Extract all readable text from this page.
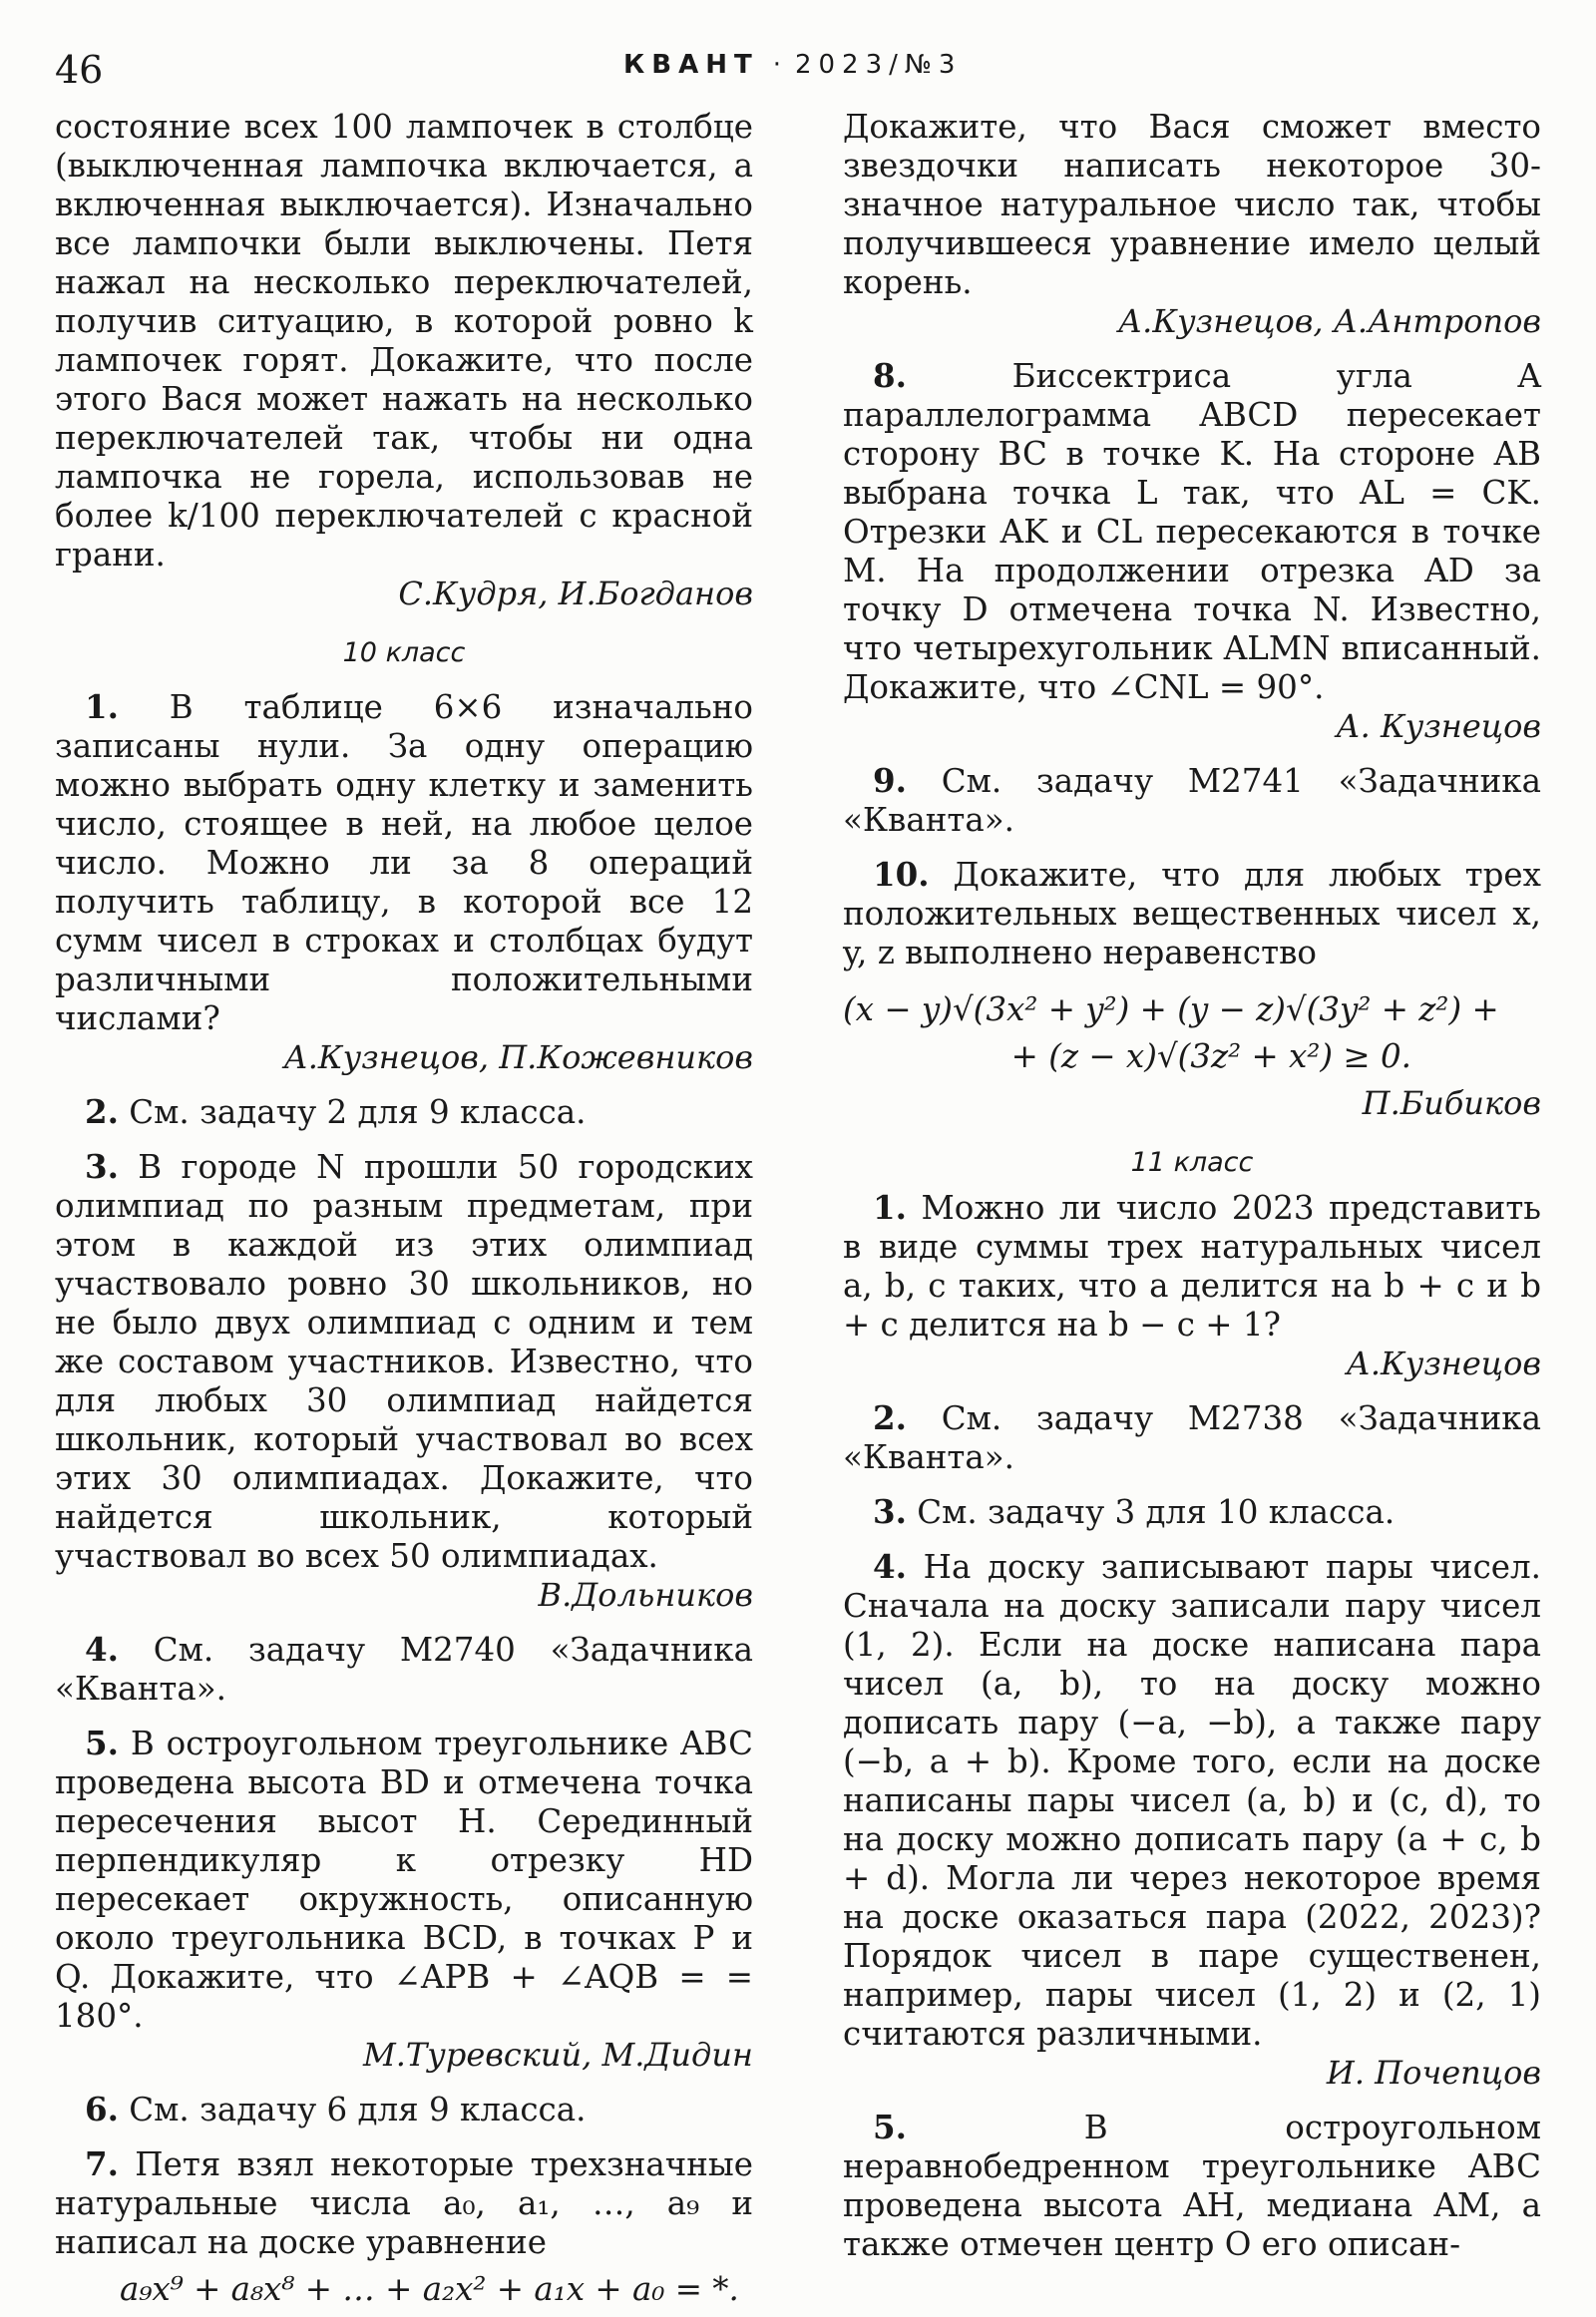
46	КВАНТ · 2023/№3

состояние всех 100 лампочек в столбце (выключенная лампочка включается, а включенная выключается). Изначально все лампочки были выключены. Петя нажал на несколько переключателей, получив ситуацию, в которой ровно k лампочек горят. Докажите, что после этого Вася может нажать на несколько переключателей так, чтобы ни одна лампочка не горела, использовав не более k/100 переключателей с красной грани.

С.Кудря, И.Богданов
10 класс

1. В таблице 6×6 изначально записаны нули. За одну операцию можно выбрать одну клетку и заменить число, стоящее в ней, на любое целое число. Можно ли за 8 операций получить таблицу, в которой все 12 сумм чисел в строках и столбцах будут различными положительными числами?

А.Кузнецов, П.Кожевников

2. См. задачу 2 для 9 класса.

3. В городе N прошли 50 городских олимпиад по разным предметам, при этом в каждой из этих олимпиад участвовало ровно 30 школьников, но не было двух олимпиад с одним и тем же составом участников. Известно, что для любых 30 олимпиад найдется школьник, который участвовал во всех этих 30 олимпиадах. Докажите, что найдется школьник, который участвовал во всех 50 олимпиадах.

В.Дольников

4. См. задачу М2740 «Задачника «Кванта».

5. В остроугольном треугольнике ABC проведена высота BD и отмечена точка пересечения высот H. Серединный перпендикуляр к отрезку HD пересекает окружность, описанную около треугольника BCD, в точках P и Q. Докажите, что ∠APB + ∠AQB = = 180°.

М.Туревский, М.Дидин

6. См. задачу 6 для 9 класса.

7. Петя взял некоторые трехзначные натуральные числа a₀, a₁, …, a₉ и написал на доске уравнение

a₉x⁹ + a₈x⁸ + … + a₂x² + a₁x + a₀ = *.

Докажите, что Вася сможет вместо звездочки написать некоторое 30-значное натуральное число так, чтобы получившееся уравнение имело целый корень.

А.Кузнецов, А.Антропов

8.	Биссектриса угла A параллелограмма ABCD пересекает сторону BC в точке K. На стороне AB выбрана точка L так, что AL = CK. Отрезки AK и CL пересекаются в точке M. На продолжении отрезка AD за точку D отмечена точка N. Известно, что четырехугольник ALMN вписанный. Докажите, что ∠CNL = 90°.

А. Кузнецов

9. См. задачу М2741 «Задачника «Кванта».

10. Докажите, что для любых трех положительных вещественных чисел x, y, z выполнено неравенство

(x − y)√(3x² + y²) + (y − z)√(3y² + z²) +
+ (z − x)√(3z² + x²) ≥ 0.
П.Бибиков
11 класс

1. Можно ли число 2023 представить в виде суммы трех натуральных чисел a, b, c таких, что a делится на b + c и b + c делится на b − c + 1?

А.Кузнецов

2. См. задачу М2738 «Задачника «Кванта».

3. См. задачу 3 для 10 класса.

4. На доску записывают пары чисел. Сначала на доску записали пару чисел (1, 2). Если на доске написана пара чисел (a, b), то на доску можно дописать пару (−a, −b), а также пару (−b, a + b). Кроме того, если на доске написаны пары чисел (a, b) и (c, d), то на доску можно дописать пару (a + c, b + d). Могла ли через некоторое время на доске оказаться пара (2022, 2023)? Порядок чисел в паре существенен, например, пары чисел (1, 2) и (2, 1) считаются различными.

И. Почепцов

5.	В остроугольном неравнобедренном треугольнике ABC проведена высота AH, медиана AM, а также отмечен центр O его описан-
